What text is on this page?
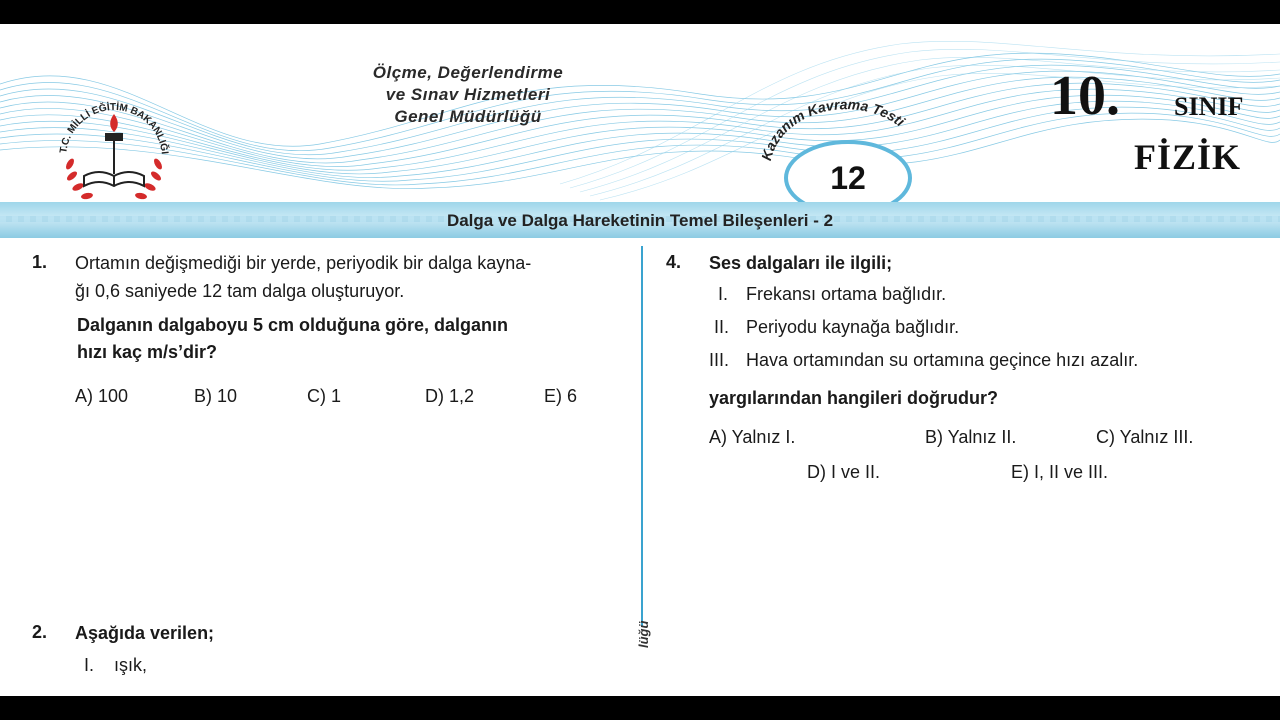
T.C. MİLLİ EĞİTİM BAKANLIĞI
Ölçme, Değerlendirme
ve Sınav Hizmetleri
Genel Müdürlüğü
Kazanım Kavrama Testi
12
10. SINIF
FİZİK
Dalga ve Dalga Hareketinin Temel Bileşenleri - 2
lüğü
1. Ortamın değişmediği bir yerde, periyodik bir dalga kayna-
ğı 0,6 saniyede 12 tam dalga oluşturuyor.
Dalganın dalgaboyu 5 cm olduğuna göre, dalganın
hızı kaç m/s’dir?
A) 100	B) 10	C) 1	D) 1,2	E) 6
2. Aşağıda verilen;
I. ışık,
4. Ses dalgaları ile ilgili;
I. Frekansı ortama bağlıdır.
II. Periyodu kaynağa bağlıdır.
III. Hava ortamından su ortamına geçince hızı azalır.
yargılarından hangileri doğrudur?
A) Yalnız I.	B) Yalnız II.	C) Yalnız III.
D) I ve II.	E) I, II ve III.
